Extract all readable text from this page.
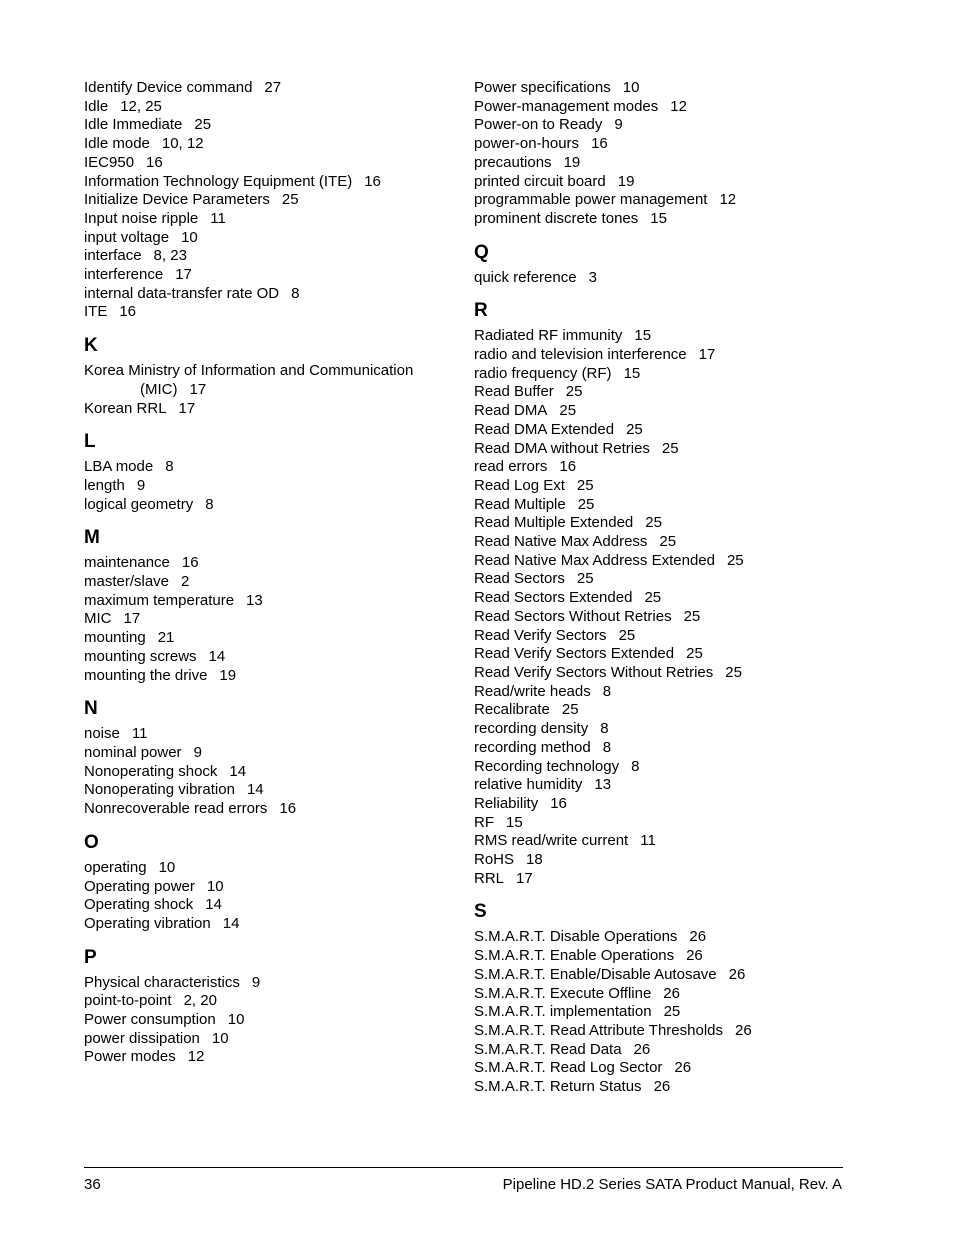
Identify Device command 27
Idle 12, 25
Idle Immediate 25
Idle mode 10, 12
IEC950 16
Information Technology Equipment (ITE) 16
Initialize Device Parameters 25
Input noise ripple 11
input voltage 10
interface 8, 23
interference 17
internal data-transfer rate OD 8
ITE 16
K
Korea Ministry of Information and Communication
(MIC) 17
Korean RRL 17
L
LBA mode 8
length 9
logical geometry 8
M
maintenance 16
master/slave 2
maximum temperature 13
MIC 17
mounting 21
mounting screws 14
mounting the drive 19
N
noise 11
nominal power 9
Nonoperating shock 14
Nonoperating vibration 14
Nonrecoverable read errors 16
O
operating 10
Operating power 10
Operating shock 14
Operating vibration 14
P
Physical characteristics 9
point-to-point 2, 20
Power consumption 10
power dissipation 10
Power modes 12
Power specifications 10
Power-management modes 12
Power-on to Ready 9
power-on-hours 16
precautions 19
printed circuit board 19
programmable power management 12
prominent discrete tones 15
Q
quick reference 3
R
Radiated RF immunity 15
radio and television interference 17
radio frequency (RF) 15
Read Buffer 25
Read DMA 25
Read DMA Extended 25
Read DMA without Retries 25
read errors 16
Read Log Ext 25
Read Multiple 25
Read Multiple Extended 25
Read Native Max Address 25
Read Native Max Address Extended 25
Read Sectors 25
Read Sectors Extended 25
Read Sectors Without Retries 25
Read Verify Sectors 25
Read Verify Sectors Extended 25
Read Verify Sectors Without Retries 25
Read/write heads 8
Recalibrate 25
recording density 8
recording method 8
Recording technology 8
relative humidity 13
Reliability 16
RF 15
RMS read/write current 11
RoHS 18
RRL 17
S
S.M.A.R.T. Disable Operations 26
S.M.A.R.T. Enable Operations 26
S.M.A.R.T. Enable/Disable Autosave 26
S.M.A.R.T. Execute Offline 26
S.M.A.R.T. implementation 25
S.M.A.R.T. Read Attribute Thresholds 26
S.M.A.R.T. Read Data 26
S.M.A.R.T. Read Log Sector 26
S.M.A.R.T. Return Status 26
36	Pipeline HD.2 Series SATA Product Manual, Rev. A
